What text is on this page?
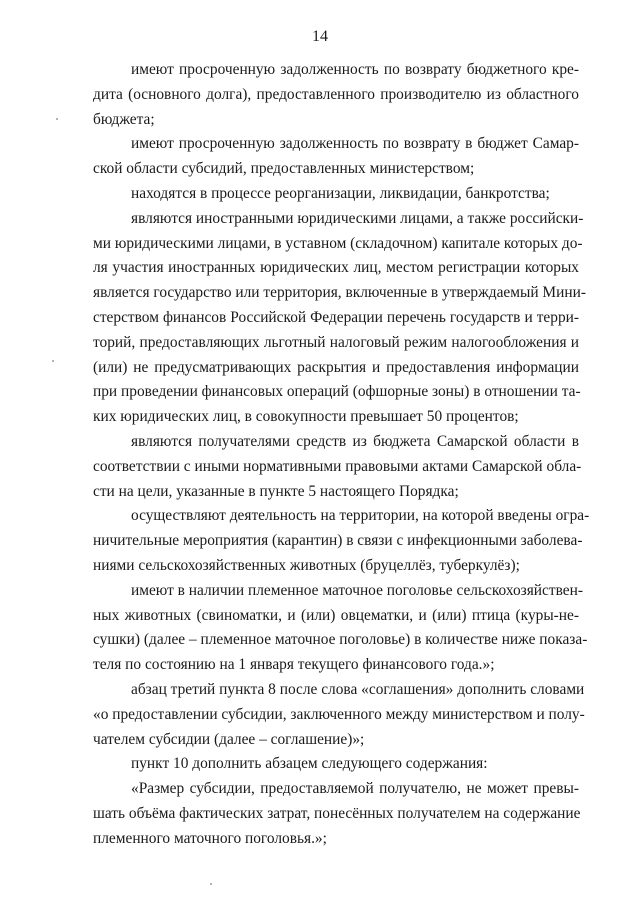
14
имеют просроченную задолженность по возврату бюджетного кре-
дита (основного долга), предоставленного производителю из областного
бюджета;
имеют просроченную задолженность по возврату в бюджет Самар-
ской области субсидий, предоставленных министерством;
находятся в процессе реорганизации, ликвидации, банкротства;
являются иностранными юридическими лицами, а также российски-
ми юридическими лицами, в уставном (складочном) капитале которых до-
ля участия иностранных юридических лиц, местом регистрации которых
является государство или территория, включенные в утверждаемый Мини-
стерством финансов Российской Федерации перечень государств и терри-
торий, предоставляющих льготный налоговый режим налогообложения и
(или) не предусматривающих раскрытия и предоставления информации
при проведении финансовых операций (офшорные зоны) в отношении та-
ких юридических лиц, в совокупности превышает 50 процентов;
являются получателями средств из бюджета Самарской области в
соответствии с иными нормативными правовыми актами Самарской обла-
сти на цели, указанные в пункте 5 настоящего Порядка;
осуществляют деятельность на территории, на которой введены огра-
ничительные мероприятия (карантин) в связи с инфекционными заболева-
ниями сельскохозяйственных животных (бруцеллёз, туберкулёз);
имеют в наличии племенное маточное поголовье сельскохозяйствен-
ных животных (свиноматки, и (или) овцематки, и (или) птица (куры-не-
сушки) (далее – племенное маточное поголовье) в количестве ниже показа-
теля по состоянию на 1 января текущего финансового года.»;
абзац третий пункта 8 после слова «соглашения» дополнить словами
«о предоставлении субсидии, заключенного между министерством и полу-
чателем субсидии (далее – соглашение)»;
пункт 10 дополнить абзацем следующего содержания:
«Размер субсидии, предоставляемой получателю, не может превы-
шать объёма фактических затрат, понесённых получателем на содержание
племенного маточного поголовья.»;
